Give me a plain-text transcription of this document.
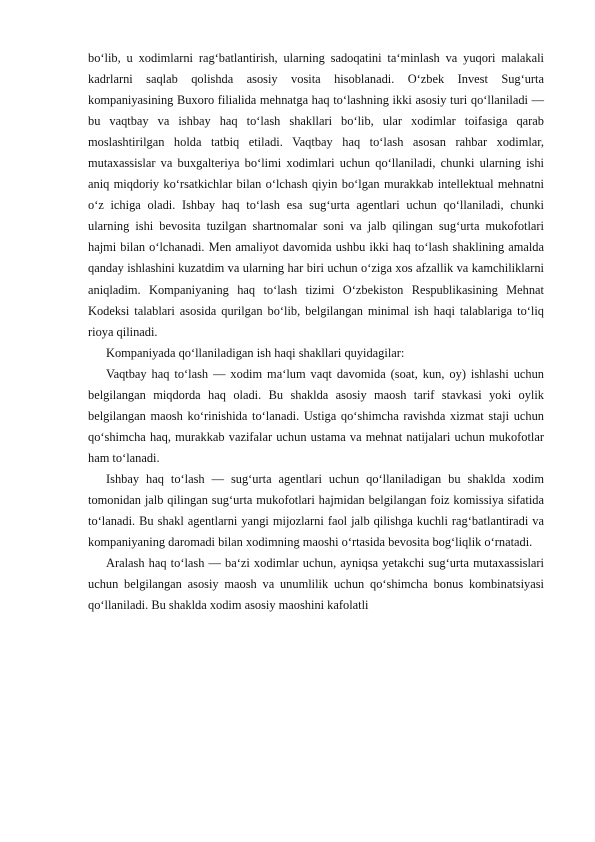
bo‘lib, u xodimlarni rag‘batlantirish, ularning sadoqatini ta‘minlash va yuqori malakali kadrlarni saqlab qolishda asosiy vosita hisoblanadi. O‘zbek Invest Sug‘urta kompaniyasining Buxoro filialida mehnatga haq to‘lashning ikki asosiy turi qo‘llaniladi — bu vaqtbay va ishbay haq to‘lash shakllari bo‘lib, ular xodimlar toifasiga qarab moslashtirilgan holda tatbiq etiladi. Vaqtbay haq to‘lash asosan rahbar xodimlar, mutaxassislar va buxgalteriya bo‘limi xodimlari uchun qo‘llaniladi, chunki ularning ishi aniq miqdoriy ko‘rsatkichlar bilan o‘lchash qiyin bo‘lgan murakkab intellektual mehnatni o‘z ichiga oladi. Ishbay haq to‘lash esa sug‘urta agentlari uchun qo‘llaniladi, chunki ularning ishi bevosita tuzilgan shartnomalar soni va jalb qilingan sug‘urta mukofotlari hajmi bilan o‘lchanadi. Men amaliyot davomida ushbu ikki haq to‘lash shaklining amalda qanday ishlashini kuzatdim va ularning har biri uchun o‘ziga xos afzallik va kamchiliklarni aniqladim. Kompaniyaning haq to‘lash tizimi O‘zbekiston Respublikasining Mehnat Kodeksi talablari asosida qurilgan bo‘lib, belgilangan minimal ish haqi talablariga to‘liq rioya qilinadi.

Kompaniyada qo‘llaniladigan ish haqi shakllari quyidagilar:

Vaqtbay haq to‘lash — xodim ma‘lum vaqt davomida (soat, kun, oy) ishlashi uchun belgilangan miqdorda haq oladi. Bu shaklda asosiy maosh tarif stavkasi yoki oylik belgilangan maosh ko‘rinishida to‘lanadi. Ustiga qo‘shimcha ravishda xizmat staji uchun qo‘shimcha haq, murakkab vazifalar uchun ustama va mehnat natijalari uchun mukofotlar ham to‘lanadi.

Ishbay haq to‘lash — sug‘urta agentlari uchun qo‘llaniladigan bu shaklda xodim tomonidan jalb qilingan sug‘urta mukofotlari hajmidan belgilangan foiz komissiya sifatida to‘lanadi. Bu shakl agentlarni yangi mijozlarni faol jalb qilishga kuchli rag‘batlantiradi va kompaniyaning daromadi bilan xodimning maoshi o‘rtasida bevosita bog‘liqlik o‘rnatadi.

Aralash haq to‘lash — ba‘zi xodimlar uchun, ayniqsa yetakchi sug‘urta mutaxassislari uchun belgilangan asosiy maosh va unumlilik uchun qo‘shimcha bonus kombinatsiyasi qo‘llaniladi. Bu shaklda xodim asosiy maoshini kafolatli
